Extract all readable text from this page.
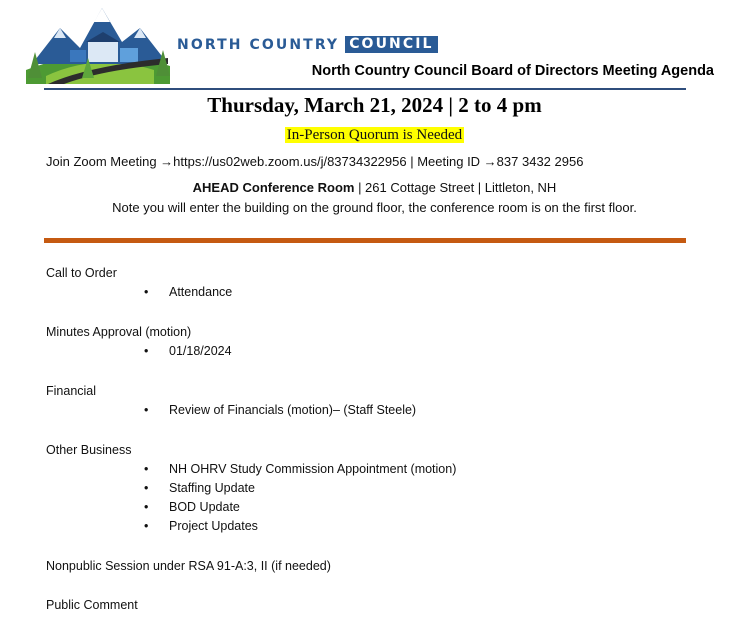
NORTH COUNTRY COUNCIL
North Country Council Board of Directors Meeting Agenda
Thursday, March 21, 2024 | 2 to 4 pm
In-Person Quorum is Needed
Join Zoom Meeting →https://us02web.zoom.us/j/83734322956 | Meeting ID →837 3432 2956
AHEAD Conference Room | 261 Cottage Street | Littleton, NH
Note you will enter the building on the ground floor, the conference room is on the first floor.
Call to Order
• Attendance
Minutes Approval (motion)
• 01/18/2024
Financial
• Review of Financials (motion)– (Staff Steele)
Other Business
• NH OHRV Study Commission Appointment (motion)
• Staffing Update
• BOD Update
• Project Updates
Nonpublic Session under RSA 91-A:3, II (if needed)
Public Comment
